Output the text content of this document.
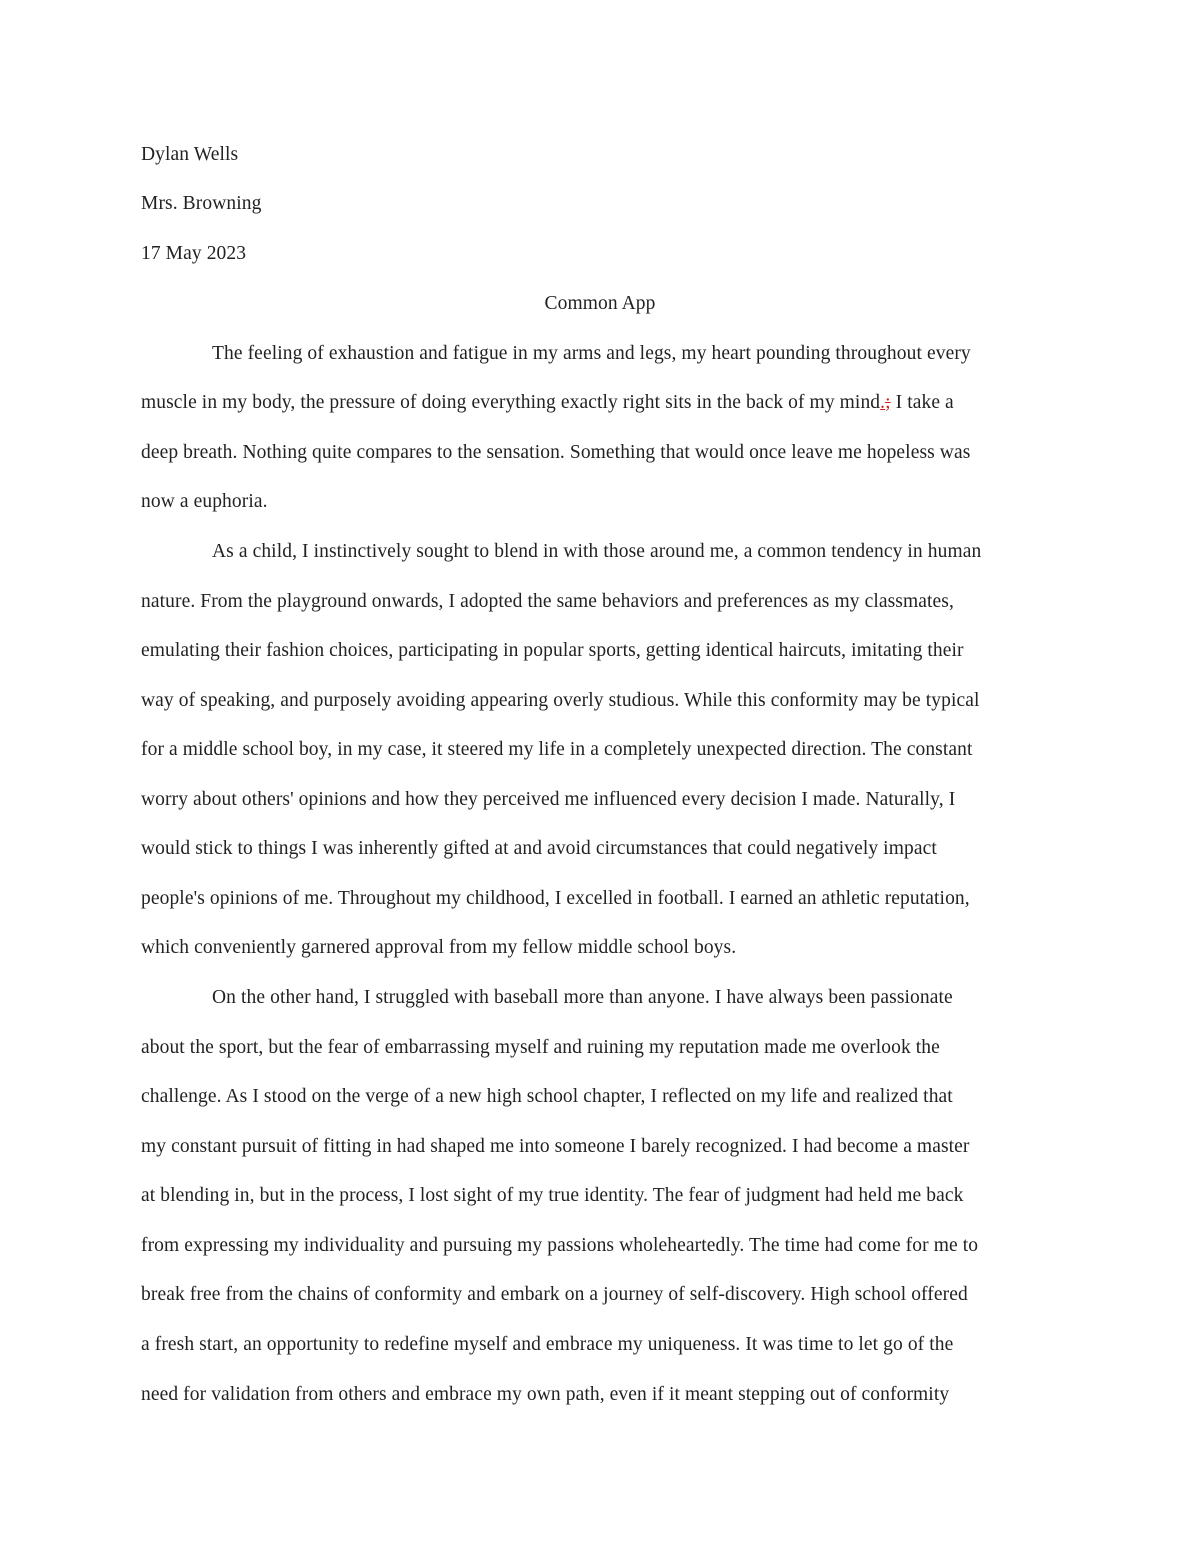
Dylan Wells
Mrs. Browning
17 May 2023
Common App
The feeling of exhaustion and fatigue in my arms and legs, my heart pounding throughout every
muscle in my body, the pressure of doing everything exactly right sits in the back of my mind.; I take a
deep breath. Nothing quite compares to the sensation. Something that would once leave me hopeless was
now a euphoria.
As a child, I instinctively sought to blend in with those around me, a common tendency in human
nature. From the playground onwards, I adopted the same behaviors and preferences as my classmates,
emulating their fashion choices, participating in popular sports, getting identical haircuts, imitating their
way of speaking, and purposely avoiding appearing overly studious. While this conformity may be typical
for a middle school boy, in my case, it steered my life in a completely unexpected direction. The constant
worry about others' opinions and how they perceived me influenced every decision I made. Naturally, I
would stick to things I was inherently gifted at and avoid circumstances that could negatively impact
people's opinions of me. Throughout my childhood, I excelled in football. I earned an athletic reputation,
which conveniently garnered approval from my fellow middle school boys.
On the other hand, I struggled with baseball more than anyone. I have always been passionate
about the sport, but the fear of embarrassing myself and ruining my reputation made me overlook the
challenge. As I stood on the verge of a new high school chapter, I reflected on my life and realized that
my constant pursuit of fitting in had shaped me into someone I barely recognized. I had become a master
at blending in, but in the process, I lost sight of my true identity. The fear of judgment had held me back
from expressing my individuality and pursuing my passions wholeheartedly. The time had come for me to
break free from the chains of conformity and embark on a journey of self-discovery. High school offered
a fresh start, an opportunity to redefine myself and embrace my uniqueness. It was time to let go of the
need for validation from others and embrace my own path, even if it meant stepping out of conformity
